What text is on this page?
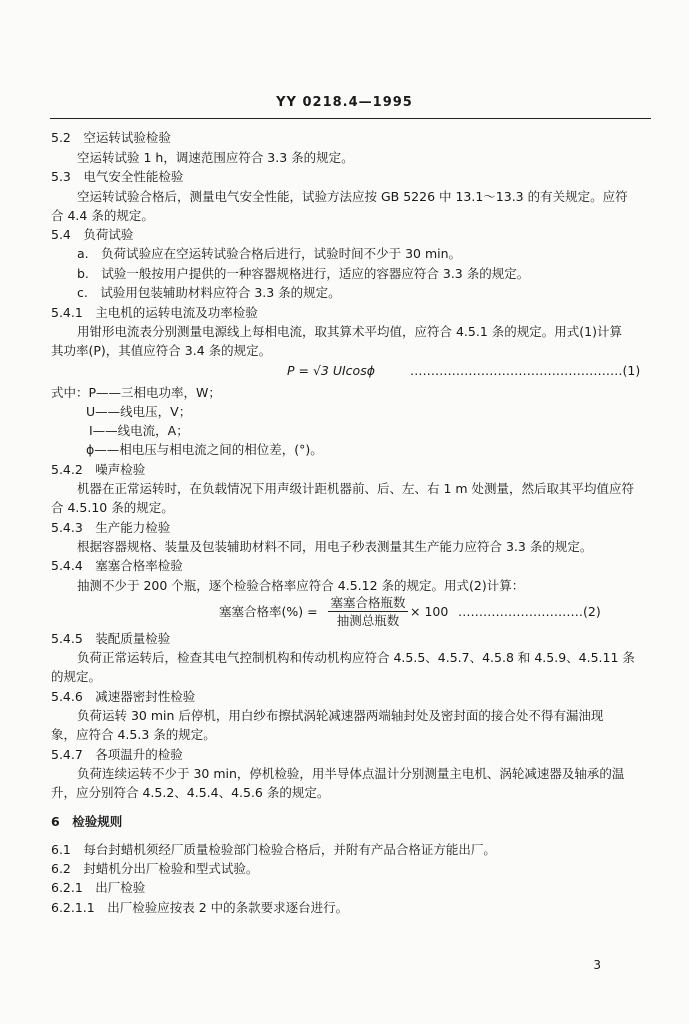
YY 0218.4—1995
5.2　空运转试验检验
空运转试验 1 h，调速范围应符合 3.3 条的规定。
5.3　电气安全性能检验
空运转试验合格后，测量电气安全性能，试验方法应按 GB 5226 中 13.1～13.3 的有关规定。应符
合 4.4 条的规定。
5.4　负荷试验
a.　负荷试验应在空运转试验合格后进行，试验时间不少于 30 min。
b.　试验一般按用户提供的一种容器规格进行，适应的容器应符合 3.3 条的规定。
c.　试验用包装辅助材料应符合 3.3 条的规定。
5.4.1　主电机的运转电流及功率检验
用钳形电流表分别测量电源线上每相电流，取其算术平均值，应符合 4.5.1 条的规定。用式(1)计算
其功率(P)，其值应符合 3.4 条的规定。
P = √3 UIcosϕ	……………………………………………(1)
式中：P——三相电功率，W；
U——线电压，V；
I——线电流，A；
ϕ——相电压与相电流之间的相位差，(°)。
5.4.2　噪声检验
机器在正常运转时，在负载情况下用声级计距机器前、后、左、右 1 m 处测量，然后取其平均值应符
合 4.5.10 条的规定。
5.4.3　生产能力检验
根据容器规格、装量及包装辅助材料不同，用电子秒表测量其生产能力应符合 3.3 条的规定。
5.4.4　塞塞合格率检验
抽测不少于 200 个瓶，逐个检验合格率应符合 4.5.12 条的规定。用式(2)计算：
塞塞合格率(%) =
塞塞合格瓶数
抽测总瓶数
× 100 …………………………(2)
5.4.5　装配质量检验
负荷正常运转后，检查其电气控制机构和传动机构应符合 4.5.5、4.5.7、4.5.8 和 4.5.9、4.5.11 条
的规定。
5.4.6　减速器密封性检验
负荷运转 30 min 后停机，用白纱布擦拭涡轮减速器两端轴封处及密封面的接合处不得有漏油现
象，应符合 4.5.3 条的规定。
5.4.7　各项温升的检验
负荷连续运转不少于 30 min，停机检验，用半导体点温计分别测量主电机、涡轮减速器及轴承的温
升，应分别符合 4.5.2、4.5.4、4.5.6 条的规定。
6　检验规则
6.1　每台封蜡机须经厂质量检验部门检验合格后，并附有产品合格证方能出厂。
6.2　封蜡机分出厂检验和型式试验。
6.2.1　出厂检验
6.2.1.1　出厂检验应按表 2 中的条款要求逐台进行。
3
